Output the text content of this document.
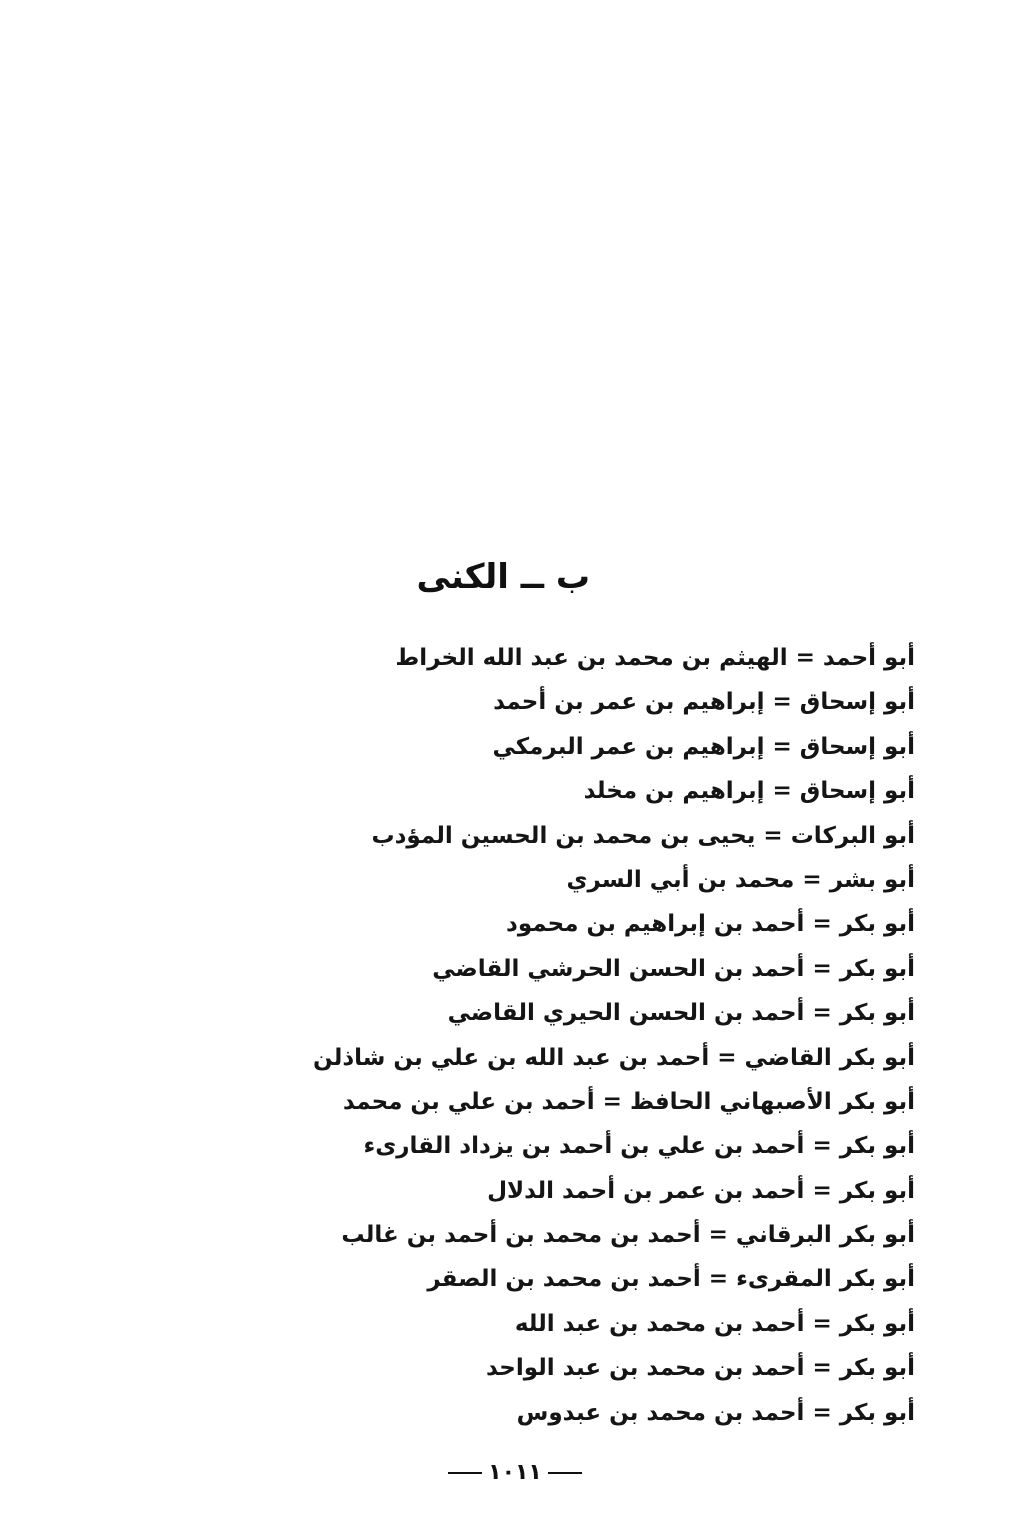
ب ــ الكنى
أبو أحمد = الهيثم بن محمد بن عبد الله الخراط
أبو إسحاق = إبراهيم بن عمر بن أحمد
أبو إسحاق = إبراهيم بن عمر البرمكي
أبو إسحاق = إبراهيم بن مخلد
أبو البركات = يحيى بن محمد بن الحسين المؤدب
أبو بشر = محمد بن أبي السري
أبو بكر = أحمد بن إبراهيم بن محمود
أبو بكر = أحمد بن الحسن الحرشي القاضي
أبو بكر = أحمد بن الحسن الحيري القاضي
أبو بكر القاضي = أحمد بن عبد الله بن علي بن شاذلن
أبو بكر الأصبهاني الحافظ = أحمد بن علي بن محمد
أبو بكر = أحمد بن علي بن أحمد بن يزداد القارىء
أبو بكر = أحمد بن عمر بن أحمد الدلال
أبو بكر البرقاني = أحمد بن محمد بن أحمد بن غالب
أبو بكر المقرىء = أحمد بن محمد بن الصقر
أبو بكر = أحمد بن محمد بن عبد الله
أبو بكر = أحمد بن محمد بن عبد الواحد
أبو بكر = أحمد بن محمد بن عبدوس
١٠١١
